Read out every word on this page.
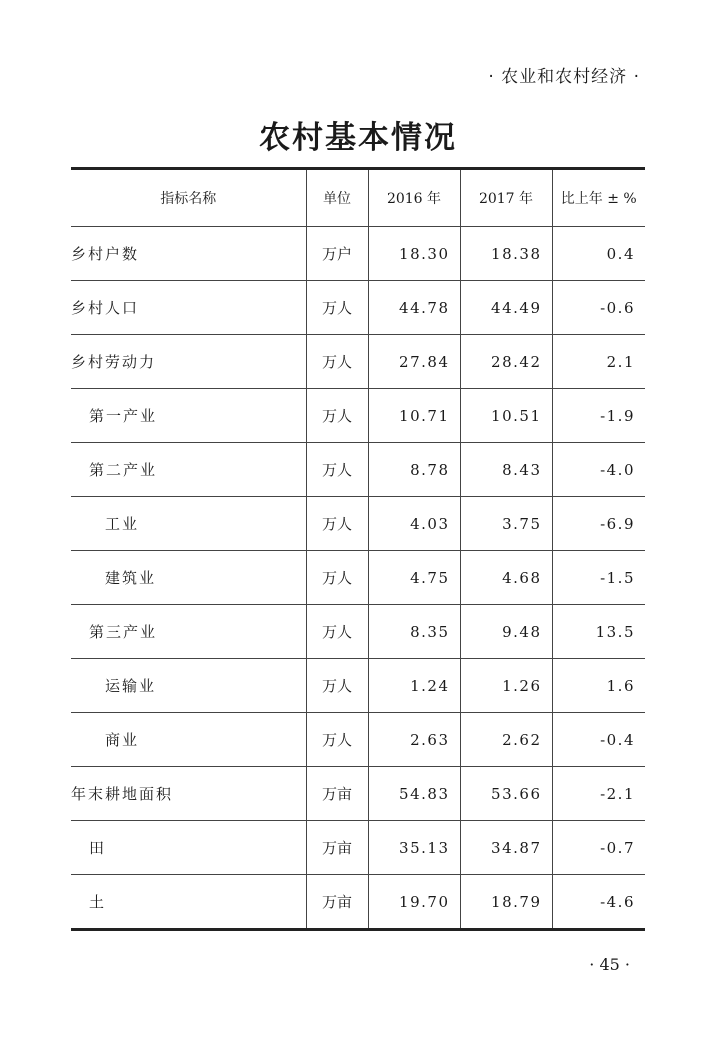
· 农业和农村经济 ·
农村基本情况
指标名称	单位	2016 年	2017 年	比上年 ± %
乡村户数	万户	18.30	18.38	0.4
乡村人口	万人	44.78	44.49	-0.6
乡村劳动力	万人	27.84	28.42	2.1
第一产业	万人	10.71	10.51	-1.9
第二产业	万人	8.78	8.43	-4.0
工业	万人	4.03	3.75	-6.9
建筑业	万人	4.75	4.68	-1.5
第三产业	万人	8.35	9.48	13.5
运输业	万人	1.24	1.26	1.6
商业	万人	2.63	2.62	-0.4
年末耕地面积	万亩	54.83	53.66	-2.1
田	万亩	35.13	34.87	-0.7
土	万亩	19.70	18.79	-4.6
· 45 ·
